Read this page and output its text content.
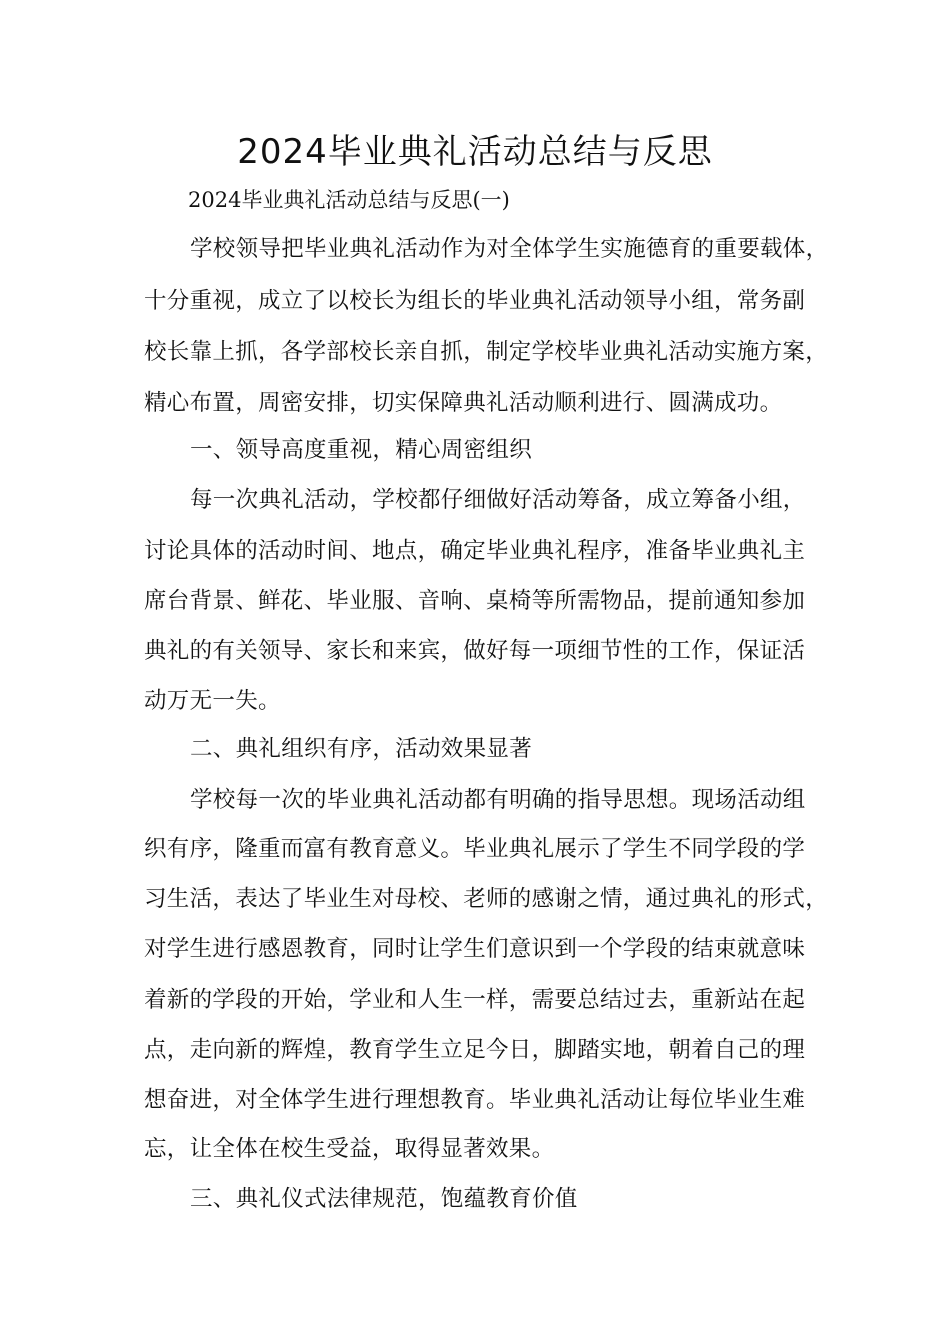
2024毕业典礼活动总结与反思
2024毕业典礼活动总结与反思(一)
学校领导把毕业典礼活动作为对全体学生实施德育的重要载体，
十分重视，成立了以校长为组长的毕业典礼活动领导小组，常务副
校长靠上抓，各学部校长亲自抓，制定学校毕业典礼活动实施方案，
精心布置，周密安排，切实保障典礼活动顺利进行、圆满成功。
一、领导高度重视，精心周密组织
每一次典礼活动，学校都仔细做好活动筹备，成立筹备小组，
讨论具体的活动时间、地点，确定毕业典礼程序，准备毕业典礼主
席台背景、鲜花、毕业服、音响、桌椅等所需物品，提前通知参加
典礼的有关领导、家长和来宾，做好每一项细节性的工作，保证活
动万无一失。
二、典礼组织有序，活动效果显著
学校每一次的毕业典礼活动都有明确的指导思想。现场活动组
织有序，隆重而富有教育意义。毕业典礼展示了学生不同学段的学
习生活，表达了毕业生对母校、老师的感谢之情，通过典礼的形式，
对学生进行感恩教育，同时让学生们意识到一个学段的结束就意味
着新的学段的开始，学业和人生一样，需要总结过去，重新站在起
点，走向新的辉煌，教育学生立足今日，脚踏实地，朝着自己的理
想奋进，对全体学生进行理想教育。毕业典礼活动让每位毕业生难
忘，让全体在校生受益，取得显著效果。
三、典礼仪式法律规范，饱蕴教育价值
